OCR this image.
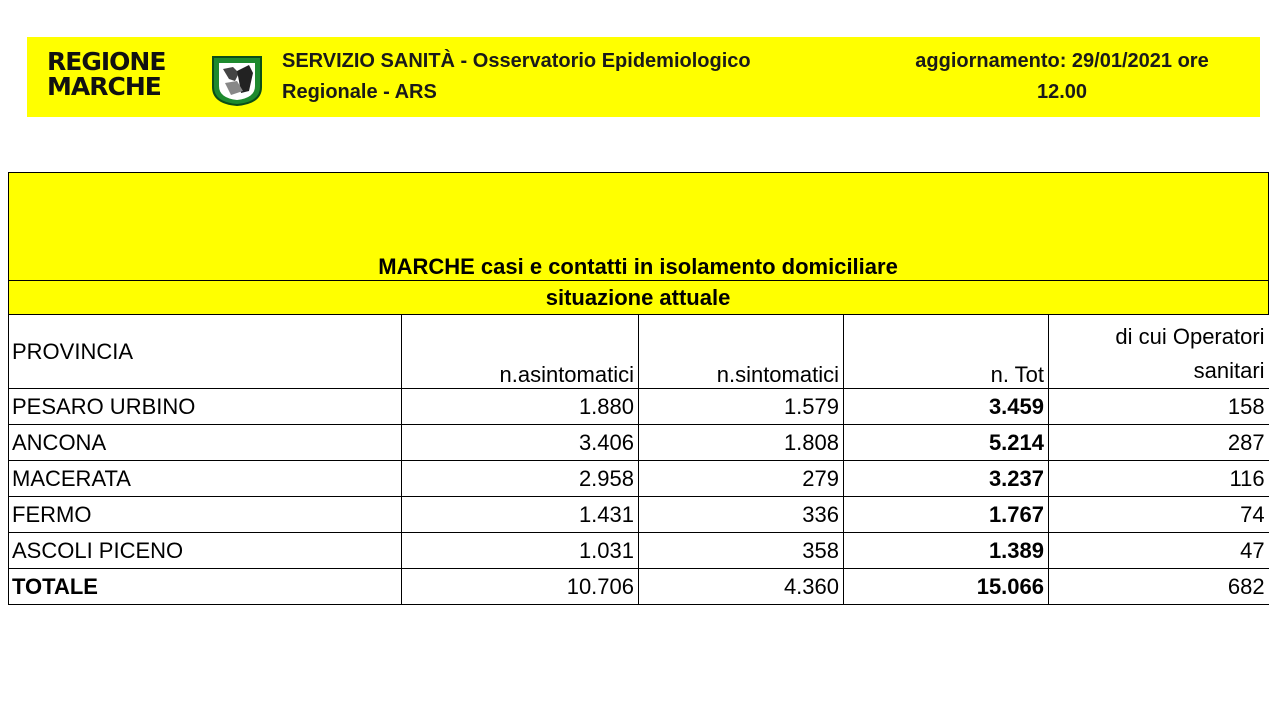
REGIONE
MARCHE
SERVIZIO SANITÀ - Osservatorio Epidemiologico
Regionale - ARS
aggiornamento: 29/01/2021 ore
12.00
MARCHE casi e contatti in isolamento domiciliare				
situazione attuale				
PROVINCIA	n.asintomatici	n.sintomatici	n. Tot	di cui Operatori
sanitari

PESARO URBINO	1.880	1.579	3.459	158
ANCONA	3.406	1.808	5.214	287
MACERATA	2.958	279	3.237	116
FERMO	1.431	336	1.767	74
ASCOLI PICENO	1.031	358	1.389	47
TOTALE	10.706	4.360	15.066	682
